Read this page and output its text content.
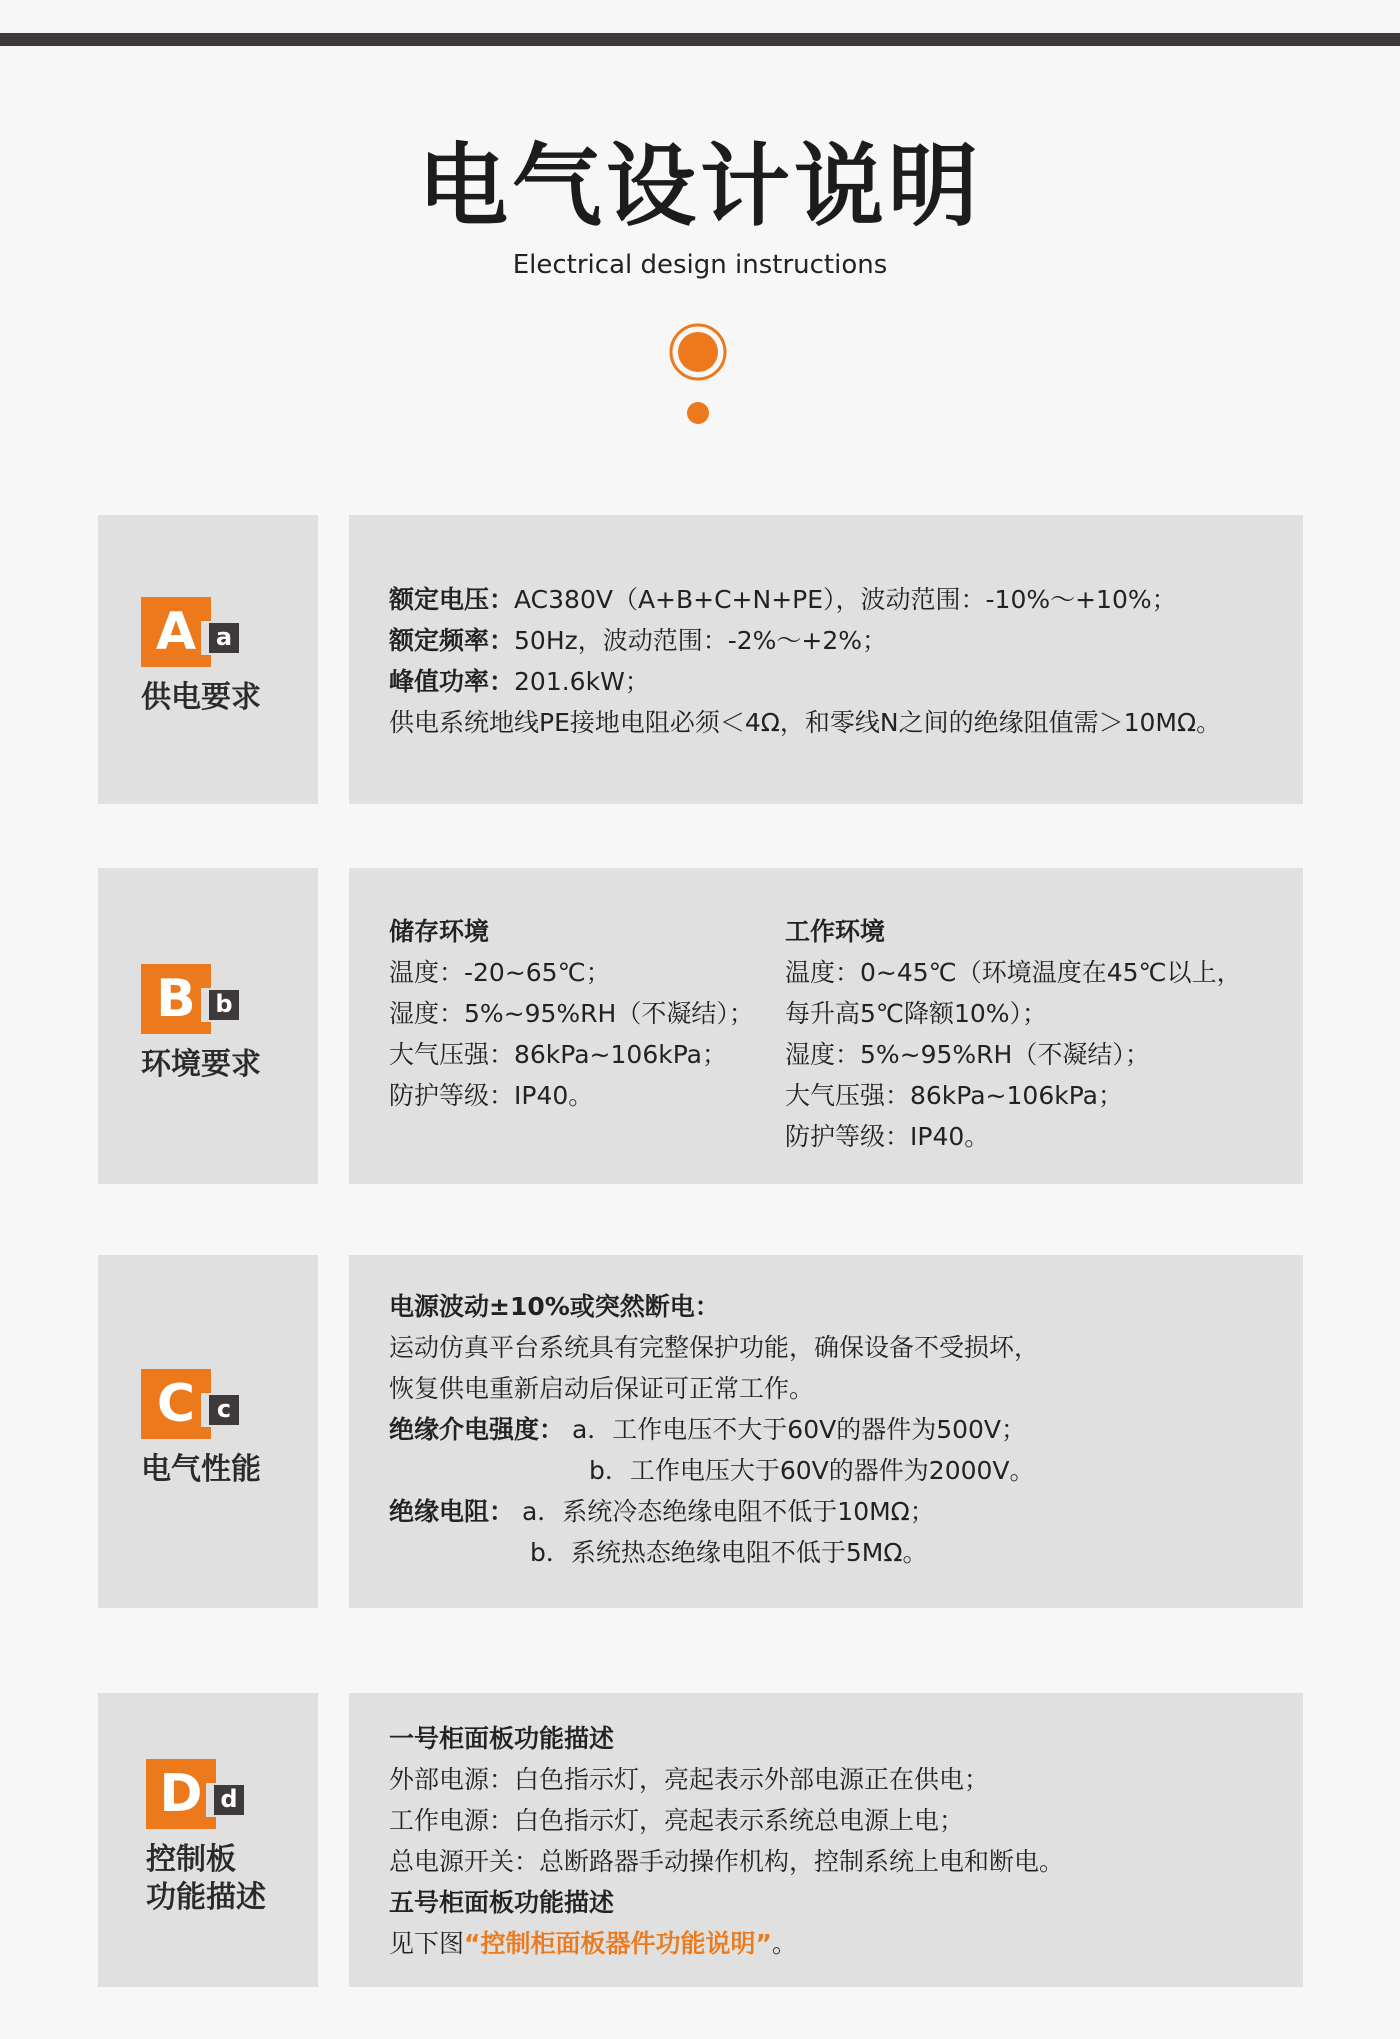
电气设计说明
Electrical design instructions
A a
供电要求
额定电压：AC380V（A+B+C+N+PE），波动范围：-10%～+10%；
额定频率：50Hz，波动范围：-2%～+2%；
峰值功率：201.6kW；
供电系统地线PE接地电阻必须＜4Ω，和零线N之间的绝缘阻值需＞10MΩ。
B b
环境要求
储存环境
温度：-20~65℃；
湿度：5%~95%RH（不凝结）；
大气压强：86kPa~106kPa；
防护等级：IP40。
工作环境
温度：0~45℃（环境温度在45℃以上，
每升高5℃降额10%）；
湿度：5%~95%RH（不凝结）；
大气压强：86kPa~106kPa；
防护等级：IP40。
C c
电气性能
电源波动±10%或突然断电：
运动仿真平台系统具有完整保护功能，确保设备不受损坏，
恢复供电重新启动后保证可正常工作。
绝缘介电强度： a．工作电压不大于60V的器件为500V；
b．工作电压大于60V的器件为2000V。
绝缘电阻： a．系统冷态绝缘电阻不低于10MΩ；
b．系统热态绝缘电阻不低于5MΩ。
D d
控制板
功能描述
一号柜面板功能描述
外部电源：白色指示灯，亮起表示外部电源正在供电；
工作电源：白色指示灯，亮起表示系统总电源上电；
总电源开关：总断路器手动操作机构，控制系统上电和断电。
五号柜面板功能描述
见下图“控制柜面板器件功能说明”。
